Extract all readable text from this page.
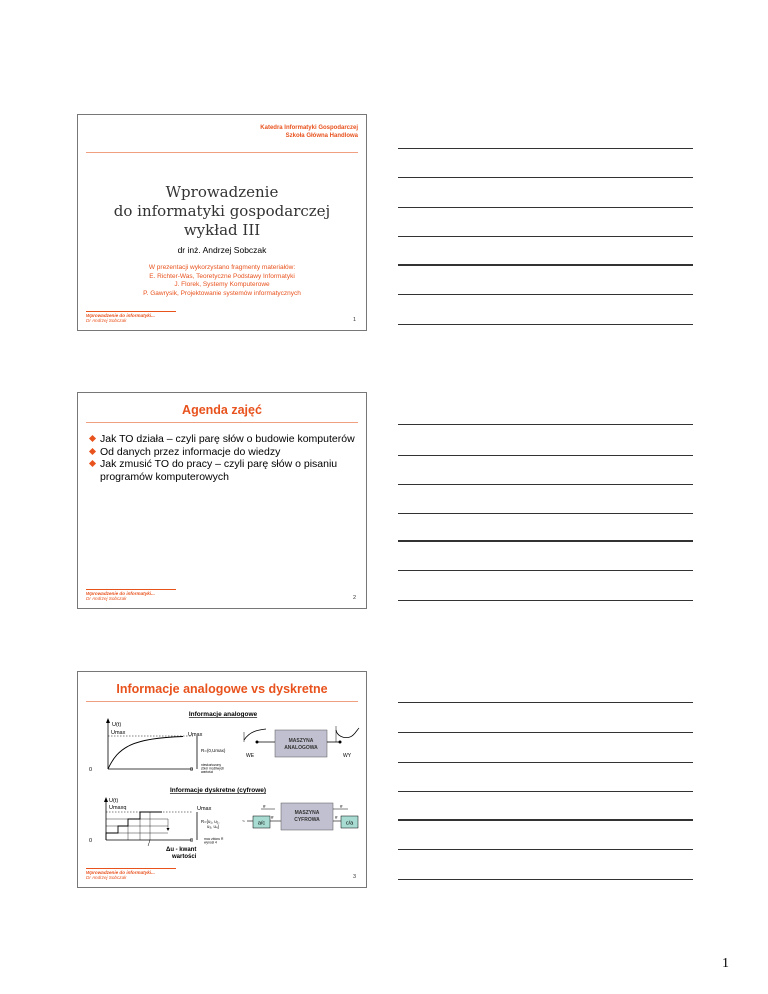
Katedra Informatyki Gospodarczej
Szkoła Główna Handlowa
Wprowadzenie
do informatyki gospodarczej
wykład III
dr inż. Andrzej Sobczak
W prezentacji wykorzystano fragmenty materiałów:
E. Richter-Was, Teoretyczne Podstawy Informatyki
J. Florek, Systemy Komputerowe
P. Gawrysik, Projektowanie systemów informatycznych
Wprowadzenie do informatyki...
Dr Andrzej Sobczak	1
Agenda zajęć
Jak TO działa – czyli parę słów o budowie komputerów
Od danych przez informacje do wiedzy
Jak zmusić TO do pracy – czyli parę słów o pisaniu programów komputerowych
Wprowadzenie do informatyki...
Dr Andrzej Sobczak	2
Informacje analogowe vs dyskretne
Informacje analogowe
U(t)
Umax
0
Umax
0
R=(0,Umax)
nieskończony
zbiór możliwych
wartości
WE
MASZYNA
ANALOGOWA
WY
Informacje dyskretne (cyfrowe)
U(t)
Umaxq
0
Umax
0
R={u₁, u₂,
u₃, u₄}
moc zbioru R
wynosi 4
Δu - kwant
wartości
~ a/c
#
#
MASZYNA
CYFROWA
#
#
c/a
Wprowadzenie do informatyki...
Dr Andrzej Sobczak	3
1
